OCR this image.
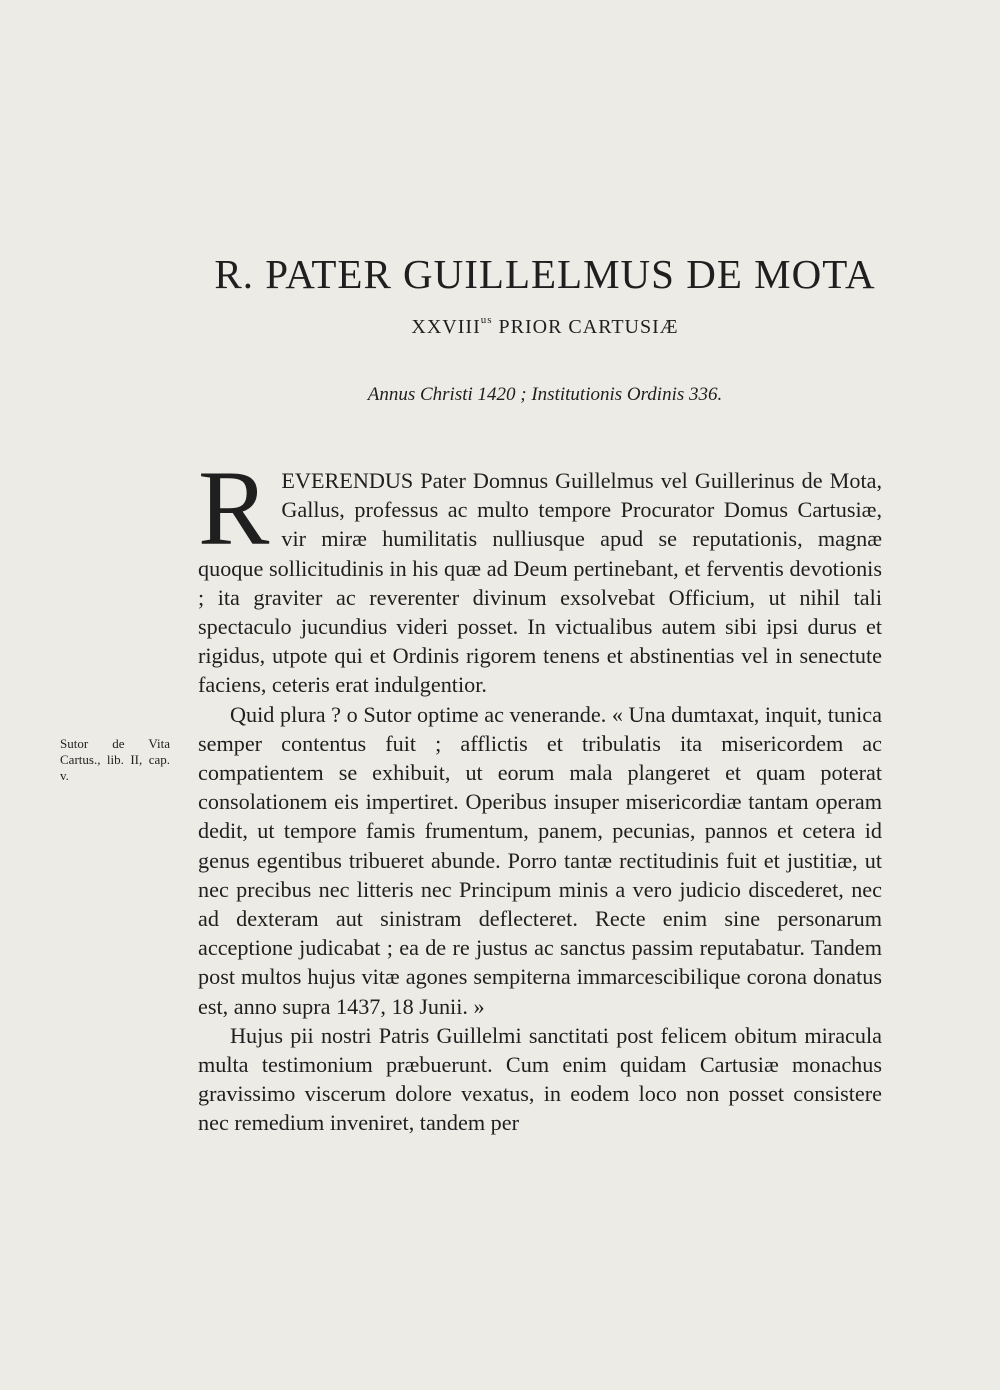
R. PATER GUILLELMUS DE MOTA
$XXVIII^{us}$ PRIOR CARTUSIÆ
Annus Christi 1420 ; Institutionis Ordinis 336.
Sutor de Vita Cartus., lib. II, cap. v.

REVERENDUS Pater Domnus Guillelmus vel Guillerinus de Mota, Gallus, professus ac multo tempore Procurator Domus Cartusiæ, vir miræ humilitatis nulliusque apud se reputationis, magnæ quoque sollicitudinis in his quæ ad Deum pertinebant, et ferventis devotionis ; ita graviter ac reverenter divinum exsolvebat Officium, ut nihil tali spectaculo jucundius videri posset. In victualibus autem sibi ipsi durus et rigidus, utpote qui et Ordinis rigorem tenens et abstinentias vel in senectute faciens, ceteris erat indulgentior.

Quid plura ? o Sutor optime ac venerande. « Una dumtaxat, inquit, tunica semper contentus fuit ; afflictis et tribulatis ita misericordem ac compatientem se exhibuit, ut eorum mala plangeret et quam poterat consolationem eis impertiret. Operibus insuper misericordiæ tantam operam dedit, ut tempore famis frumentum, panem, pecunias, pannos et cetera id genus egentibus tribueret abunde. Porro tantæ rectitudinis fuit et justitiæ, ut nec precibus nec litteris nec Principum minis a vero judicio discederet, nec ad dexteram aut sinistram deflecteret. Recte enim sine personarum acceptione judicabat ; ea de re justus ac sanctus passim reputabatur. Tandem post multos hujus vitæ agones sempiterna immarcescibilique corona donatus est, anno supra 1437, 18 Junii. »

Hujus pii nostri Patris Guillelmi sanctitati post felicem obitum miracula multa testimonium præbuerunt. Cum enim quidam Cartusiæ monachus gravissimo viscerum dolore vexatus, in eodem loco non posset consistere nec remedium inveniret, tandem per
